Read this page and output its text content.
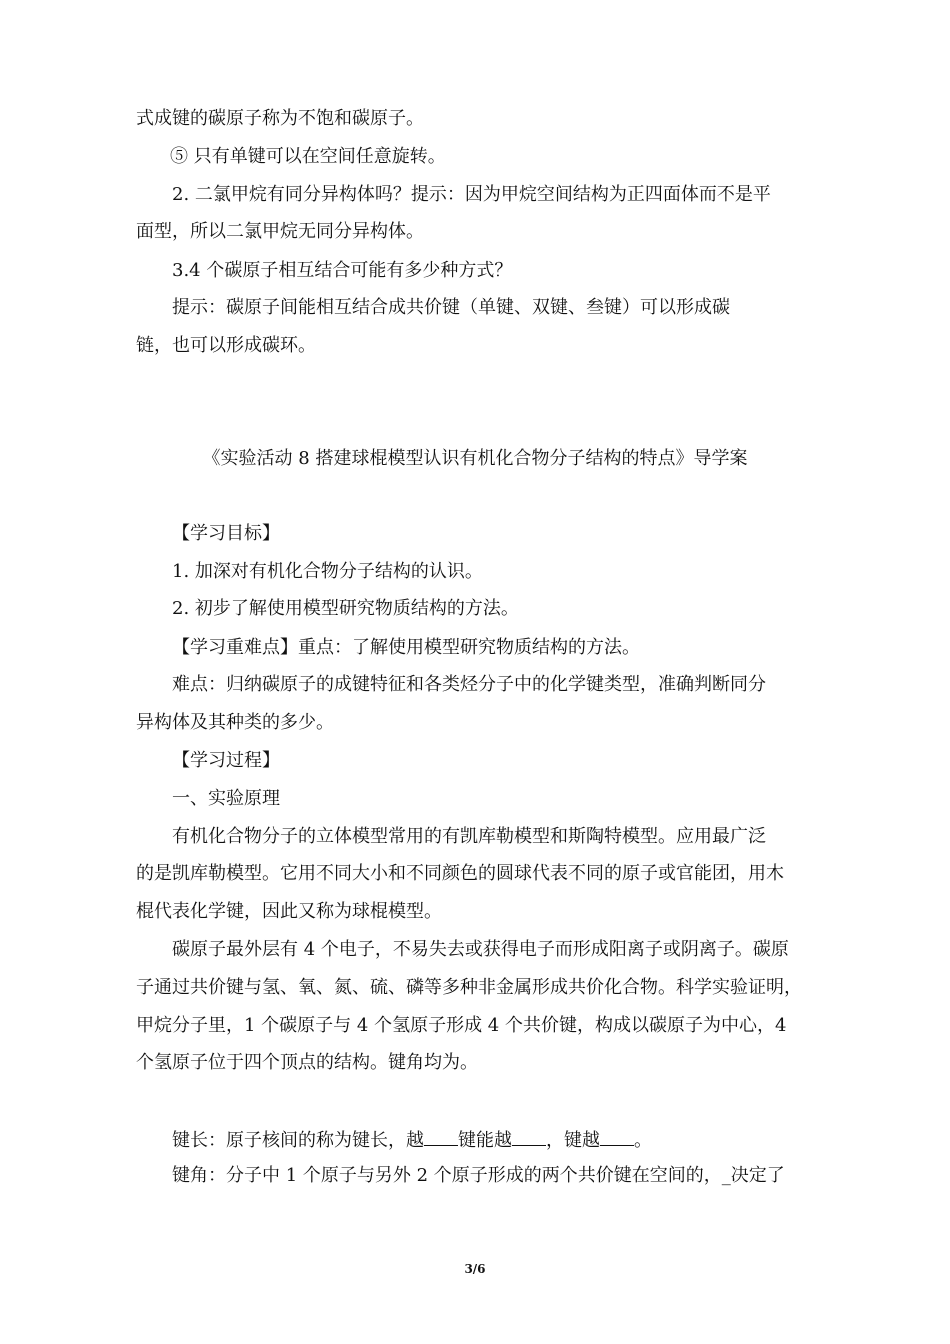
式成键的碳原子称为不饱和碳原子。
⑤ 只有单键可以在空间任意旋转。
2. 二氯甲烷有同分异构体吗？提示：因为甲烷空间结构为正四面体而不是平
面型，所以二氯甲烷无同分异构体。
3.4 个碳原子相互结合可能有多少种方式？
提示：碳原子间能相互结合成共价键（单键、双键、叁键）可以形成碳
链，也可以形成碳环。
《实验活动 8 搭建球棍模型认识有机化合物分子结构的特点》导学案
【学习目标】
1. 加深对有机化合物分子结构的认识。
2. 初步了解使用模型研究物质结构的方法。
【学习重难点】重点：了解使用模型研究物质结构的方法。
难点：归纳碳原子的成键特征和各类烃分子中的化学键类型，准确判断同分
异构体及其种类的多少。
【学习过程】
一、实验原理
有机化合物分子的立体模型常用的有凯库勒模型和斯陶特模型。应用最广泛
的是凯库勒模型。它用不同大小和不同颜色的圆球代表不同的原子或官能团，用木
棍代表化学键，因此又称为球棍模型。
碳原子最外层有 4 个电子，不易失去或获得电子而形成阳离子或阴离子。碳原
子通过共价键与氢、氧、氮、硫、磷等多种非金属形成共价化合物。科学实验证明，
甲烷分子里，1 个碳原子与 4 个氢原子形成 4 个共价键，构成以碳原子为中心，4
个氢原子位于四个顶点的结构。键角均为。
键长：原子核间的称为键长，越 键能越 ，键越 。
键角：分子中 1 个原子与另外 2 个原子形成的两个共价键在空间的，_决定了
3/6
